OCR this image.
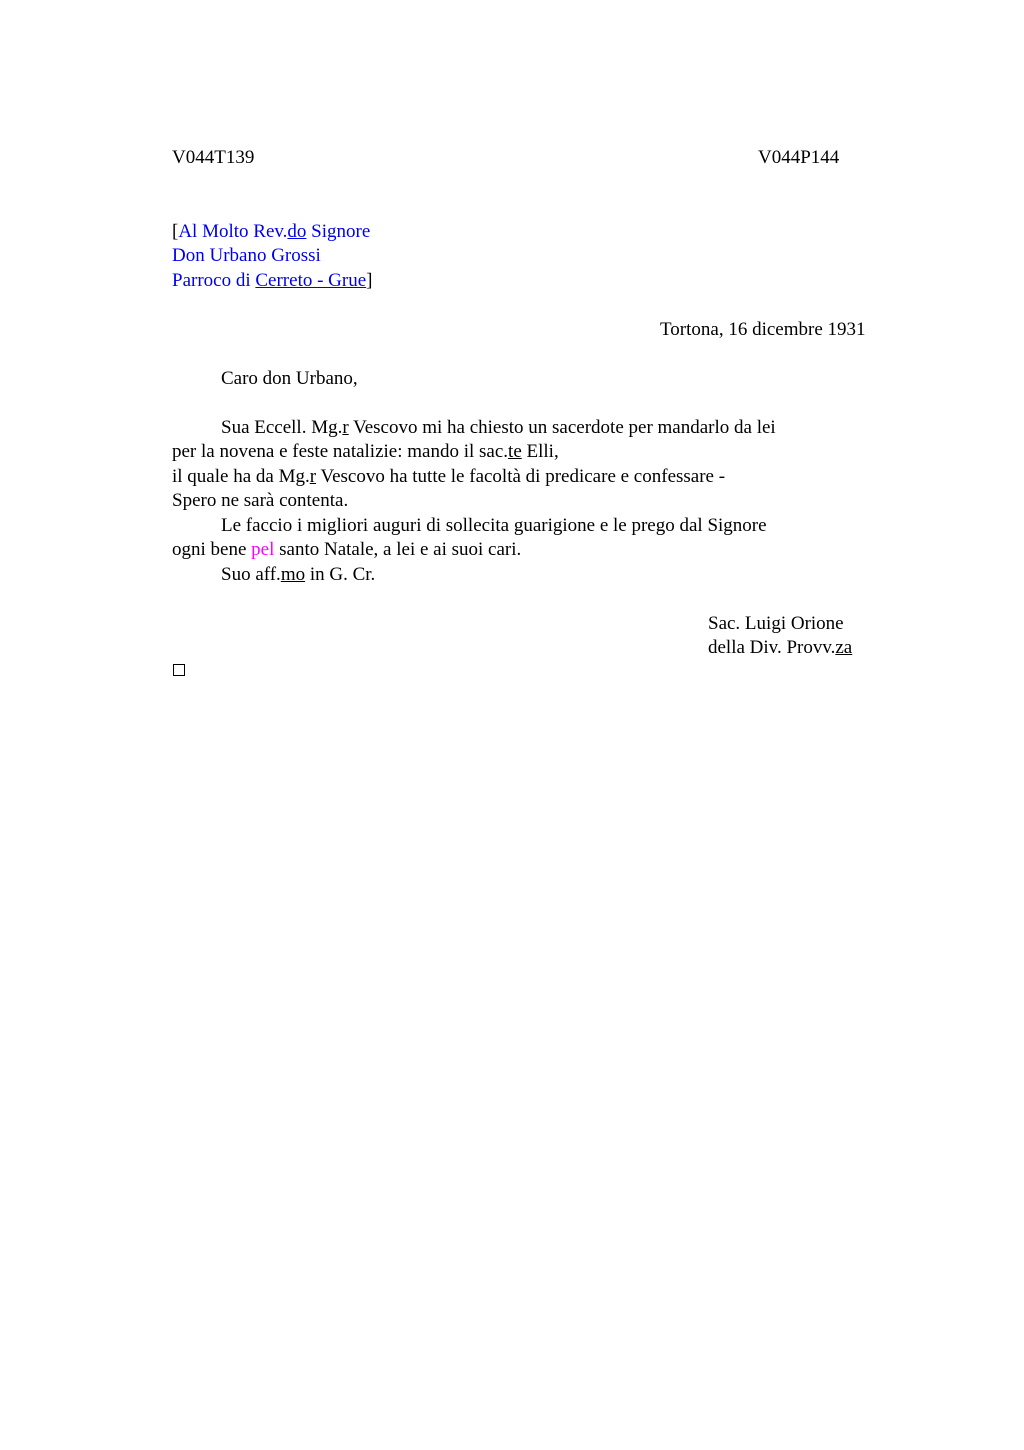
V044T139	V044P144
[Al Molto Rev.do Signore
Don Urbano Grossi
Parroco di Cerreto - Grue]
Tortona, 16 dicembre 1931
Caro don Urbano,
Sua Eccell. Mg.r Vescovo mi ha chiesto un sacerdote per mandarlo da lei
per la novena e feste natalizie: mando il sac.te Elli,
il quale ha da Mg.r Vescovo ha tutte le facoltà di predicare e confessare -
Spero ne sarà contenta.
Le faccio i migliori auguri di sollecita guarigione e le prego dal Signore
ogni bene pel santo Natale, a lei e ai suoi cari.
Suo aff.mo in G. Cr.
Sac. Luigi Orione
della Div. Provv.za
